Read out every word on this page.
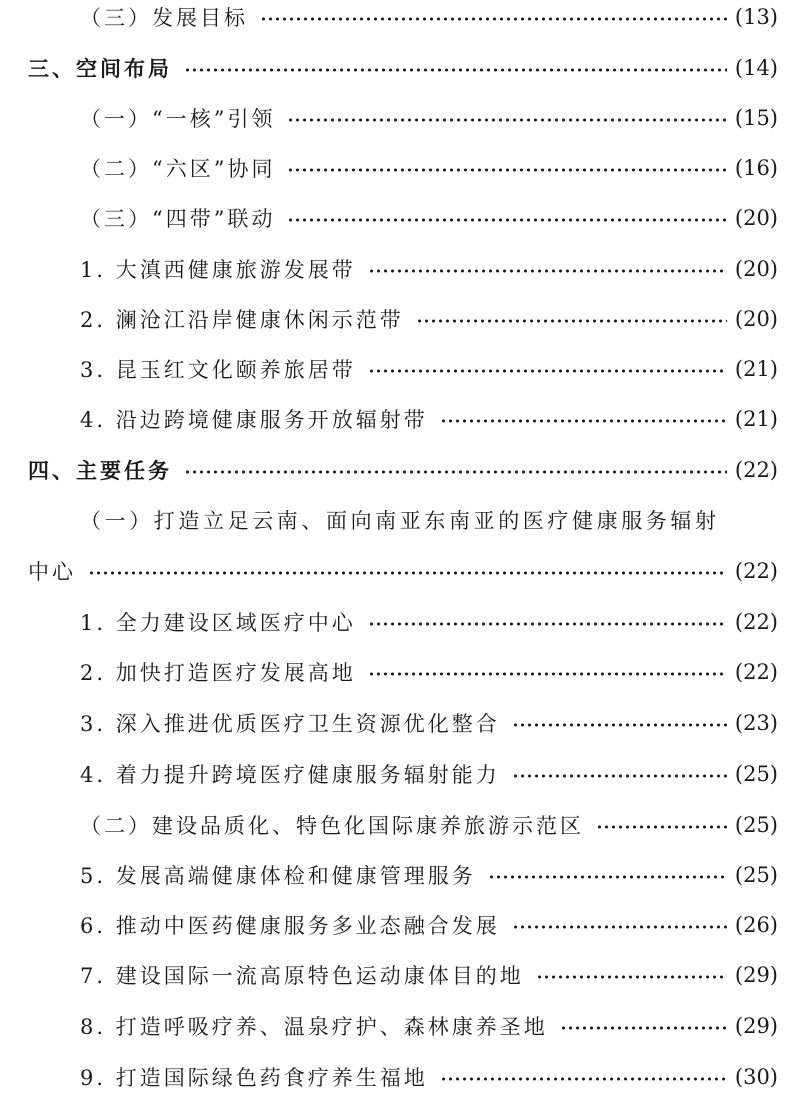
（三）发展目标	(13)
三、空间布局	(14)
（一）“一核”引领	(15)
（二）“六区”协同	(16)
（三）“四带”联动	(20)
1. 大滇西健康旅游发展带	(20)
2. 澜沧江沿岸健康休闲示范带	(20)
3. 昆玉红文化颐养旅居带	(21)
4. 沿边跨境健康服务开放辐射带	(21)
四、主要任务	(22)
（一）打造立足云南、面向南亚东南亚的医疗健康服务辐射
中心	(22)
1. 全力建设区域医疗中心	(22)
2. 加快打造医疗发展高地	(22)
3. 深入推进优质医疗卫生资源优化整合	(23)
4. 着力提升跨境医疗健康服务辐射能力	(25)
（二）建设品质化、特色化国际康养旅游示范区	(25)
5. 发展高端健康体检和健康管理服务	(25)
6. 推动中医药健康服务多业态融合发展	(26)
7. 建设国际一流高原特色运动康体目的地	(29)
8. 打造呼吸疗养、温泉疗护、森林康养圣地	(29)
9. 打造国际绿色药食疗养生福地	(30)
